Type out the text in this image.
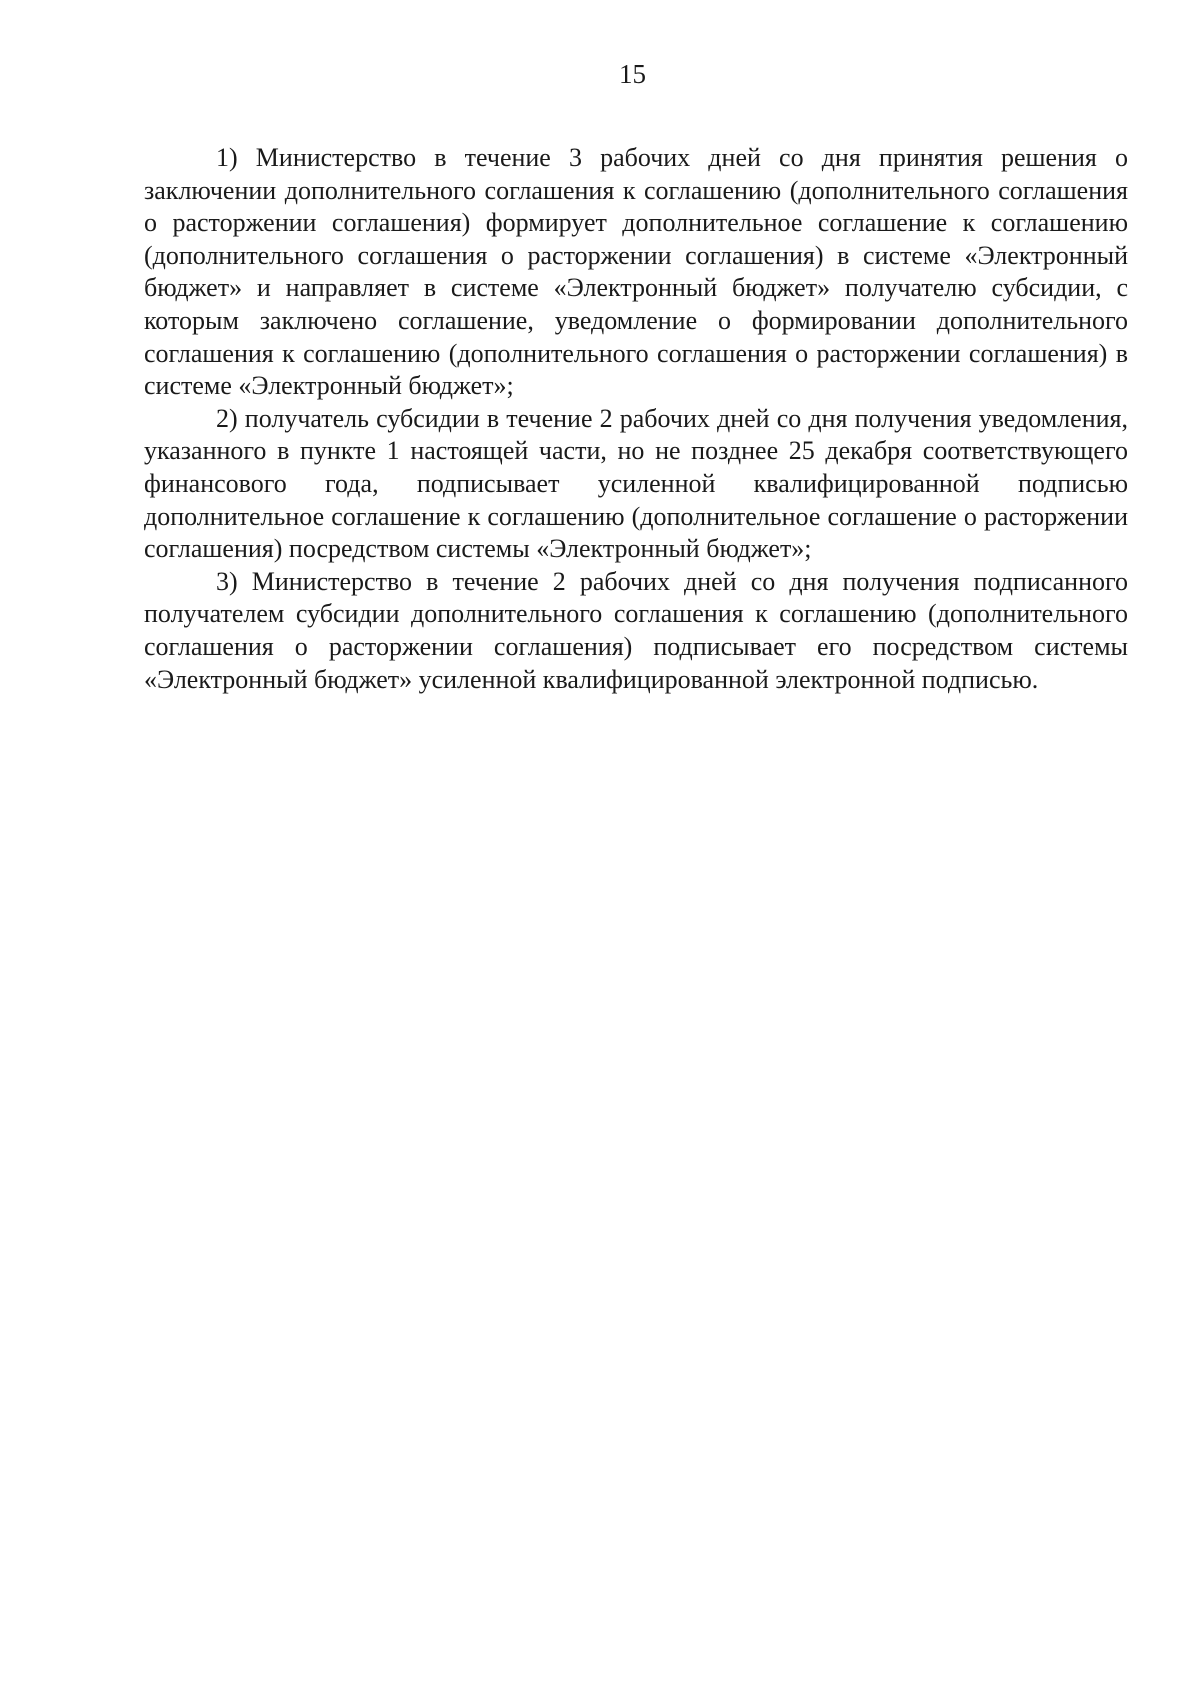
15

1) Министерство в течение 3 рабочих дней со дня принятия решения о заключении дополнительного соглашения к соглашению (дополнительного соглашения о расторжении соглашения) формирует дополнительное соглашение к соглашению (дополнительного соглашения о расторжении соглашения) в системе «Электронный бюджет» и направляет в системе «Электронный бюджет» получателю субсидии, с которым заключено соглашение, уведомление о формировании дополнительного соглашения к соглашению (дополнительного соглашения о расторжении соглашения) в системе «Электронный бюджет»;

2) получатель субсидии в течение 2 рабочих дней со дня получения уведомления, указанного в пункте 1 настоящей части, но не позднее 25 декабря соответствующего финансового года, подписывает усиленной квалифицированной подписью дополнительное соглашение к соглашению (дополнительное соглашение о расторжении соглашения) посредством системы «Электронный бюджет»;

3) Министерство в течение 2 рабочих дней со дня получения подписанного получателем субсидии дополнительного соглашения к соглашению (дополнительного соглашения о расторжении соглашения) подписывает его посредством системы «Электронный бюджет» усиленной квалифицированной электронной подписью.
